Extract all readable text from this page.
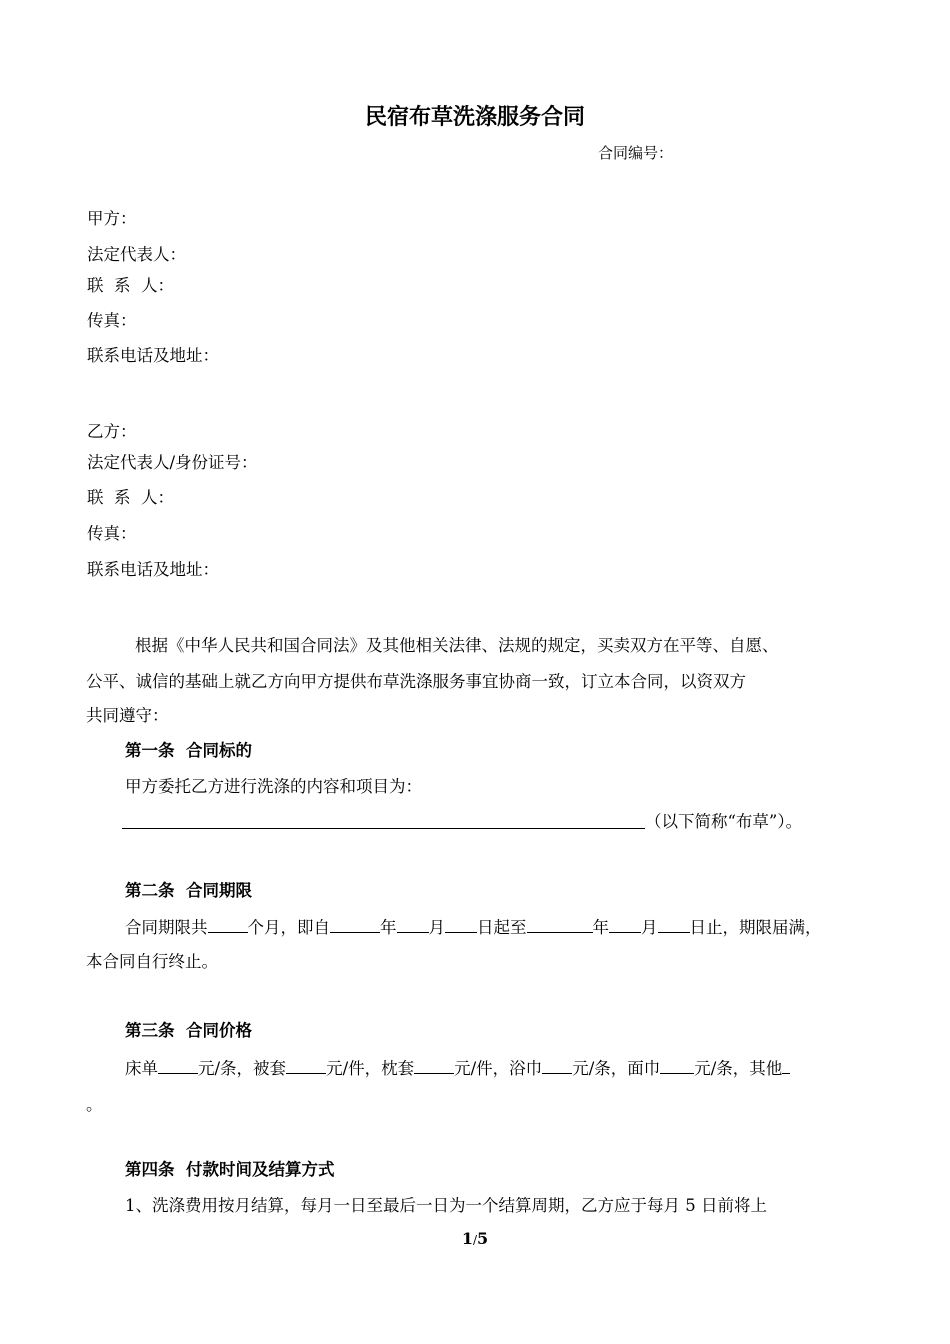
民宿布草洗涤服务合同
合同编号：
甲方：
法定代表人：
联  系  人：
传真：
联系电话及地址：
乙方：
法定代表人/身份证号：
联  系  人：
传真：
联系电话及地址：
根据《中华人民共和国合同法》及其他相关法律、法规的规定，买卖双方在平等、自愿、
公平、诚信的基础上就乙方向甲方提供布草洗涤服务事宜协商一致，订立本合同，以资双方
共同遵守：
第一条  合同标的
甲方委托乙方进行洗涤的内容和项目为：
（以下简称“布草”）。
第二条  合同期限
合同期限共 个月，即自	年 月 日起至	年 月 日止，期限届满，
本合同自行终止。
第三条  合同价格
床单 元/条，被套 元/件，枕套 元/件，浴巾 元/条，面巾 元/条，其他
。
第四条  付款时间及结算方式
1、洗涤费用按月结算，每月一日至最后一日为一个结算周期，乙方应于每月 5 日前将上
1/5
